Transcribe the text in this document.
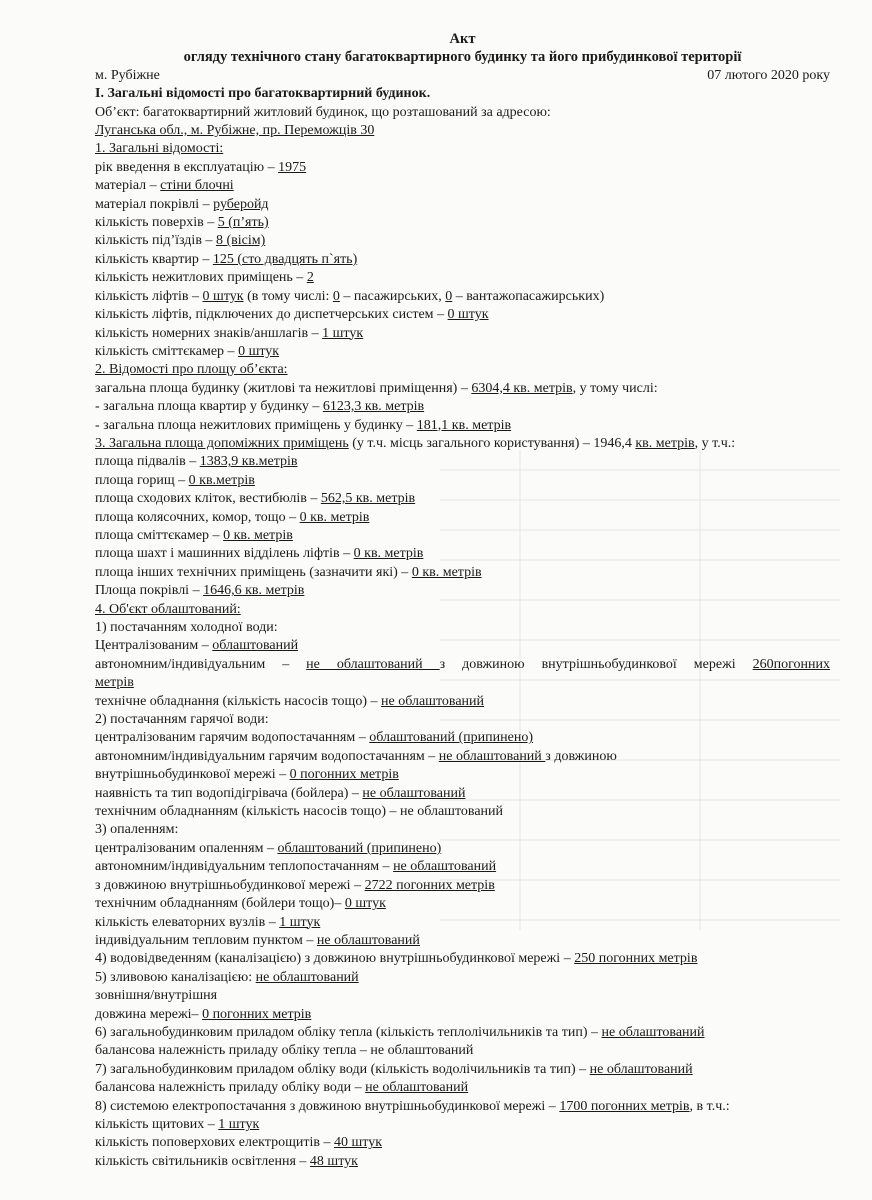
Акт
огляду технічного стану багатоквартирного будинку та його прибудинкової території
м. Рубіжне	07 лютого 2020 року
І. Загальні відомості про багатоквартирний будинок.
Об’єкт: багатоквартирний житловий будинок, що розташований за адресою:
Луганська обл., м. Рубіжне, пр. Переможців 30
1. Загальні відомості:
рік введення в експлуатацію – 1975
матеріал – стіни блочні
матеріал покрівлі – руберойд
кількість поверхів – 5 (п’ять)
кількість під’їздів – 8 (вісім)
кількість квартир – 125 (сто двадцять п`ять)
кількість нежитлових приміщень – 2
кількість ліфтів – 0 штук (в тому числі: 0 – пасажирських, 0 – вантажопасажирських)
кількість ліфтів, підключених до диспетчерських систем – 0 штук
кількість номерних знаків/аншлагів – 1 штук
кількість сміттєкамер – 0 штук
2. Відомості про площу об’єкта:
загальна площа будинку (житлові та нежитлові приміщення) – 6304,4 кв. метрів, у тому числі:
- загальна площа квартир у будинку – 6123,3 кв. метрів
- загальна площа нежитлових приміщень у будинку – 181,1 кв. метрів
3. Загальна площа допоміжних приміщень (у т.ч. місць загального користування) – 1946,4 кв. метрів, у т.ч.:
площа підвалів – 1383,9 кв.метрів
площа горищ – 0 кв.метрів
площа сходових кліток, вестибюлів – 562,5 кв. метрів
площа колясочних, комор, тощо – 0 кв. метрів
площа сміттєкамер – 0 кв. метрів
площа шахт і машинних відділень ліфтів – 0 кв. метрів
площа інших технічних приміщень (зазначити які) – 0 кв. метрів
Площа покрівлі – 1646,6 кв. метрів
4. Об'єкт облаштований:
1) постачанням холодної води:
Централізованим – облаштований
автономним/індивідуальним – не облаштований з довжиною внутрішньобудинкової мережі 260погонних
метрів
технічне обладнання (кількість насосів тощо) – не облаштований
2) постачанням гарячої води:
централізованим гарячим водопостачанням – облаштований (припинено)
автономним/індивідуальним гарячим водопостачанням – не облаштований з довжиною
внутрішньобудинкової мережі – 0 погонних метрів
наявність та тип водопідігрівача (бойлера) – не облаштований
технічним обладнанням (кількість насосів тощо) – не облаштований
3) опаленням:
централізованим опаленням – облаштований (припинено)
автономним/індивідуальним теплопостачанням – не облаштований
з довжиною внутрішньобудинкової мережі – 2722 погонних метрів
технічним обладнанням (бойлери тощо)– 0 штук
кількість елеваторних вузлів – 1 штук
індивідуальним тепловим пунктом – не облаштований
4) водовідведенням (каналізацією) з довжиною внутрішньобудинкової мережі – 250 погонних метрів
5) зливовою каналізацією: не облаштований
зовнішня/внутрішня
довжина мережі– 0 погонних метрів
6) загальнобудинковим приладом обліку тепла (кількість теплолічильників та тип) – не облаштований
балансова належність приладу обліку тепла – не облаштований
7) загальнобудинковим приладом обліку води (кількість водолічильників та тип) – не облаштований
балансова належність приладу обліку води – не облаштований
8) системою електропостачання з довжиною внутрішньобудинкової мережі – 1700 погонних метрів, в т.ч.:
кількість щитових – 1 штук
кількість поповерхових електрощитів – 40 штук
кількість світильників освітлення – 48 штук
